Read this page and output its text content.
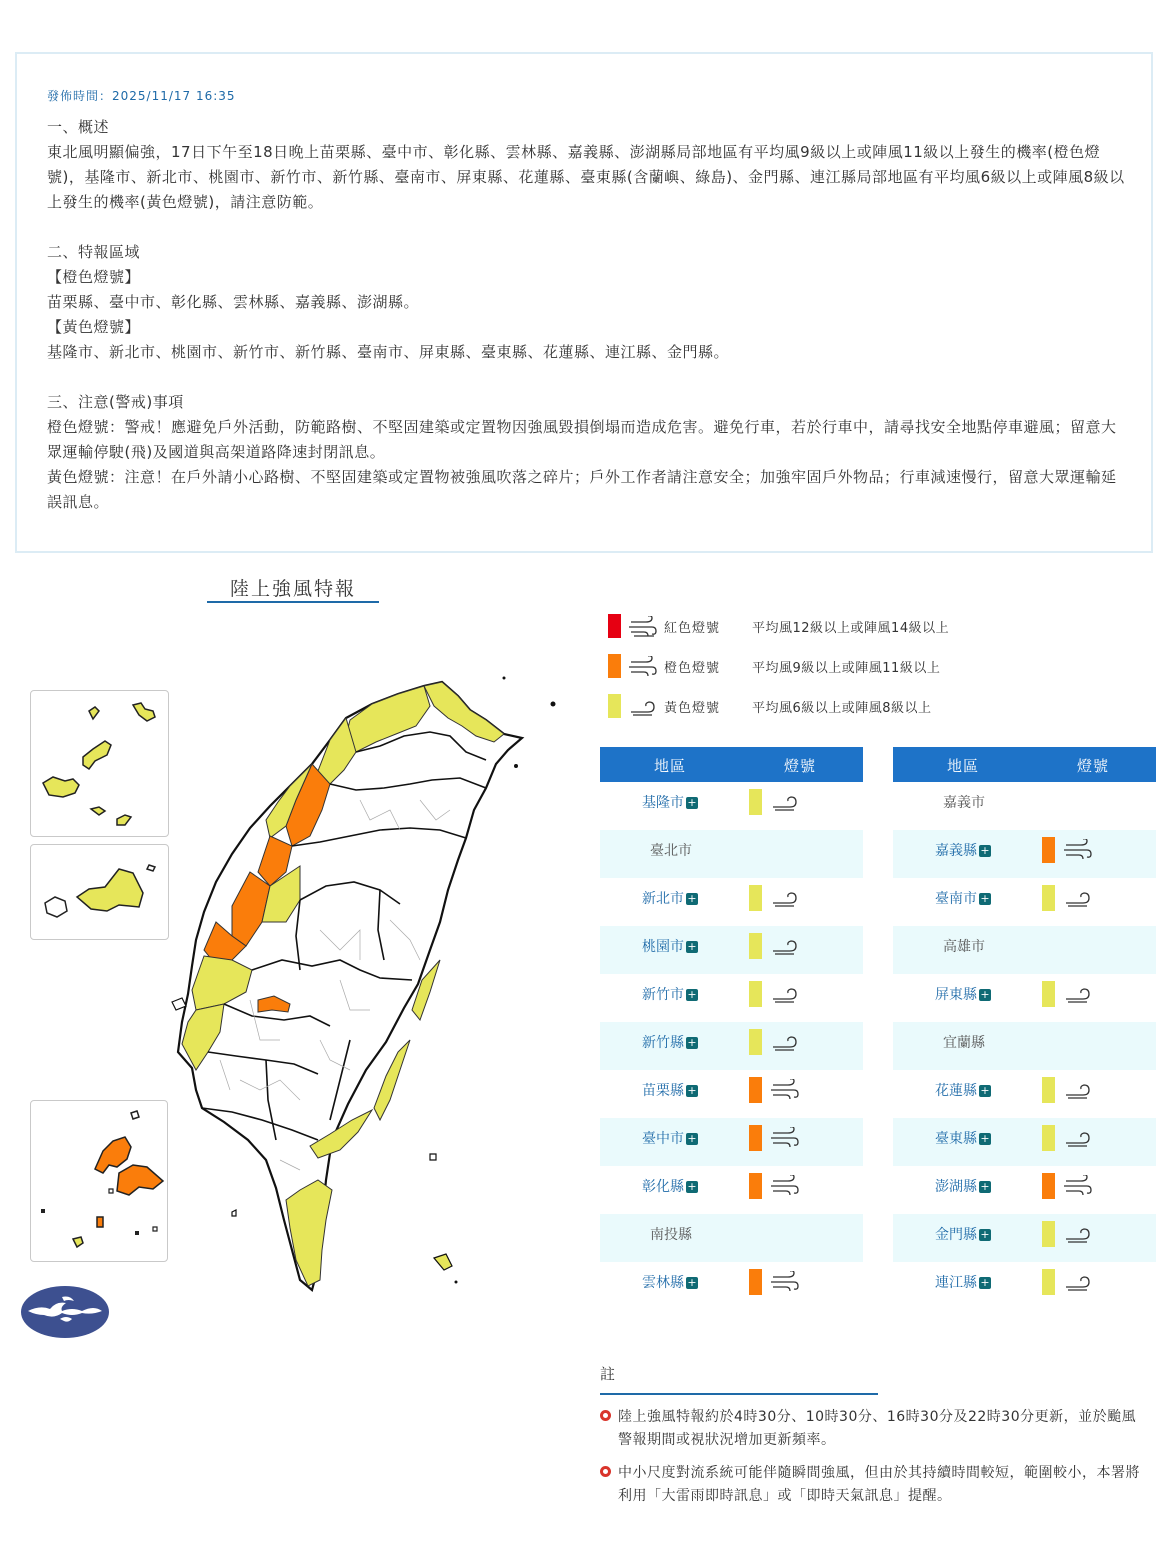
發佈時間：2025/11/17 16:35

一、概述

東北風明顯偏強，17日下午至18日晚上苗栗縣、臺中市、彰化縣、雲林縣、嘉義縣、澎湖縣局部地區有平均風9級以上或陣風11級以上發生的機率(橙色燈號)，基隆市、新北市、桃園市、新竹市、新竹縣、臺南市、屏東縣、花蓮縣、臺東縣(含蘭嶼、綠島)、金門縣、連江縣局部地區有平均風6級以上或陣風8級以上發生的機率(黃色燈號)，請注意防範。

二、特報區域

【橙色燈號】

苗栗縣、臺中市、彰化縣、雲林縣、嘉義縣、澎湖縣。

【黃色燈號】

基隆市、新北市、桃園市、新竹市、新竹縣、臺南市、屏東縣、臺東縣、花蓮縣、連江縣、金門縣。

三、注意(警戒)事項

橙色燈號：警戒！應避免戶外活動，防範路樹、不堅固建築或定置物因強風毀損倒塌而造成危害。避免行車，若於行車中，請尋找安全地點停車避風；留意大眾運輸停駛(飛)及國道與高架道路降速封閉訊息。

黃色燈號：注意！在戶外請小心路樹、不堅固建築或定置物被強風吹落之碎片；戶外工作者請注意安全；加強牢固戶外物品；行車減速慢行，留意大眾運輸延誤訊息。

陸上強風特報
紅色燈號 平均風12級以上或陣風14級以上
橙色燈號 平均風9級以上或陣風11級以上
黃色燈號 平均風6級以上或陣風8級以上
地區	燈號
基隆市 +
臺北市
新北市 +
桃園市 +
新竹市 +
新竹縣 +
苗栗縣 +
臺中市 +
彰化縣 +
南投縣
雲林縣 +
地區	燈號
嘉義市
嘉義縣 +
臺南市 +
高雄市
屏東縣 +
宜蘭縣
花蓮縣 +
臺東縣 +
澎湖縣 +
金門縣 +
連江縣 +
註
陸上強風特報約於4時30分、10時30分、16時30分及22時30分更新，並於颱風警報期間或視狀況增加更新頻率。
中小尺度對流系統可能伴隨瞬間強風，但由於其持續時間較短，範圍較小，本署將利用「大雷雨即時訊息」或「即時天氣訊息」提醒。
